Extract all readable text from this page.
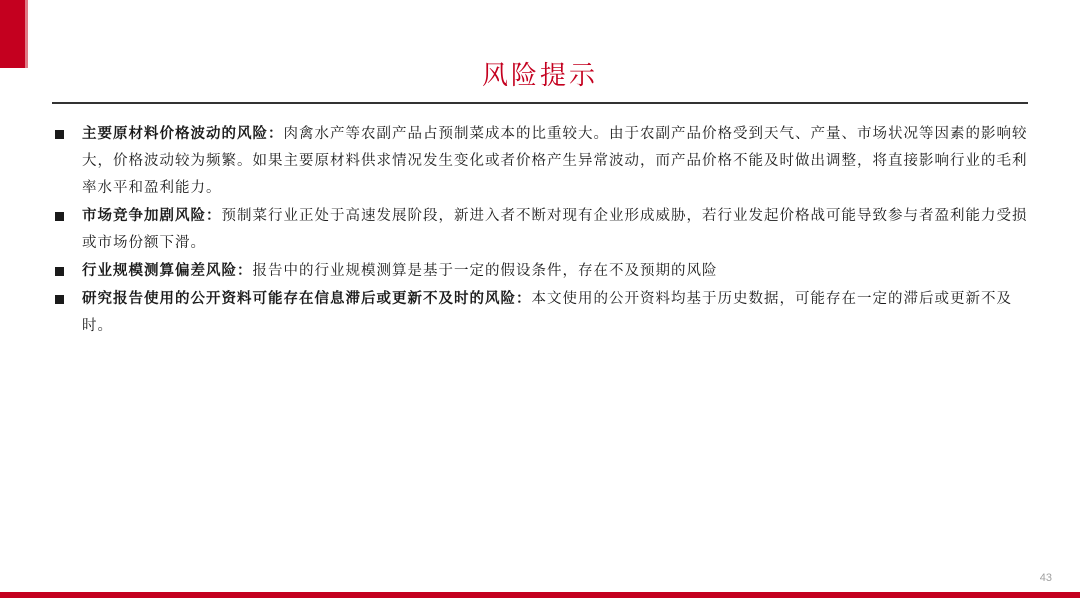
风险提示
主要原材料价格波动的风险：肉禽水产等农副产品占预制菜成本的比重较大。由于农副产品价格受到天气、产量、市场状况等因素的影响较大，价格波动较为频繁。如果主要原材料供求情况发生变化或者价格产生异常波动，而产品价格不能及时做出调整，将直接影响行业的毛利率水平和盈利能力。
市场竞争加剧风险：预制菜行业正处于高速发展阶段，新进入者不断对现有企业形成威胁，若行业发起价格战可能导致参与者盈利能力受损或市场份额下滑。
行业规模测算偏差风险：报告中的行业规模测算是基于一定的假设条件，存在不及预期的风险
研究报告使用的公开资料可能存在信息滞后或更新不及时的风险：本文使用的公开资料均基于历史数据，可能存在一定的滞后或更新不及时。
43
